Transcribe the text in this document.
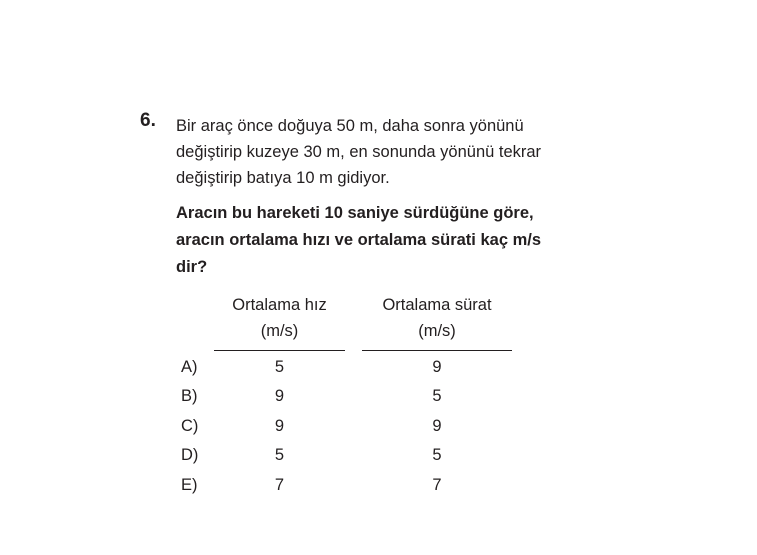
6. Bir araç önce doğuya 50 m, daha sonra yönünü
değiştirip kuzeye 30 m, en sonunda yönünü tekrar
değiştirip batıya 10 m gidiyor.
Aracın bu hareketi 10 saniye sürdüğüne göre,
aracın ortalama hızı ve ortalama sürati kaç m/s
dir?
Ortalama hız
(m/s)
Ortalama sürat
(m/s)
A)	5	9
B)	9	5
C)	9	9
D)	5	5
E)	7	7
